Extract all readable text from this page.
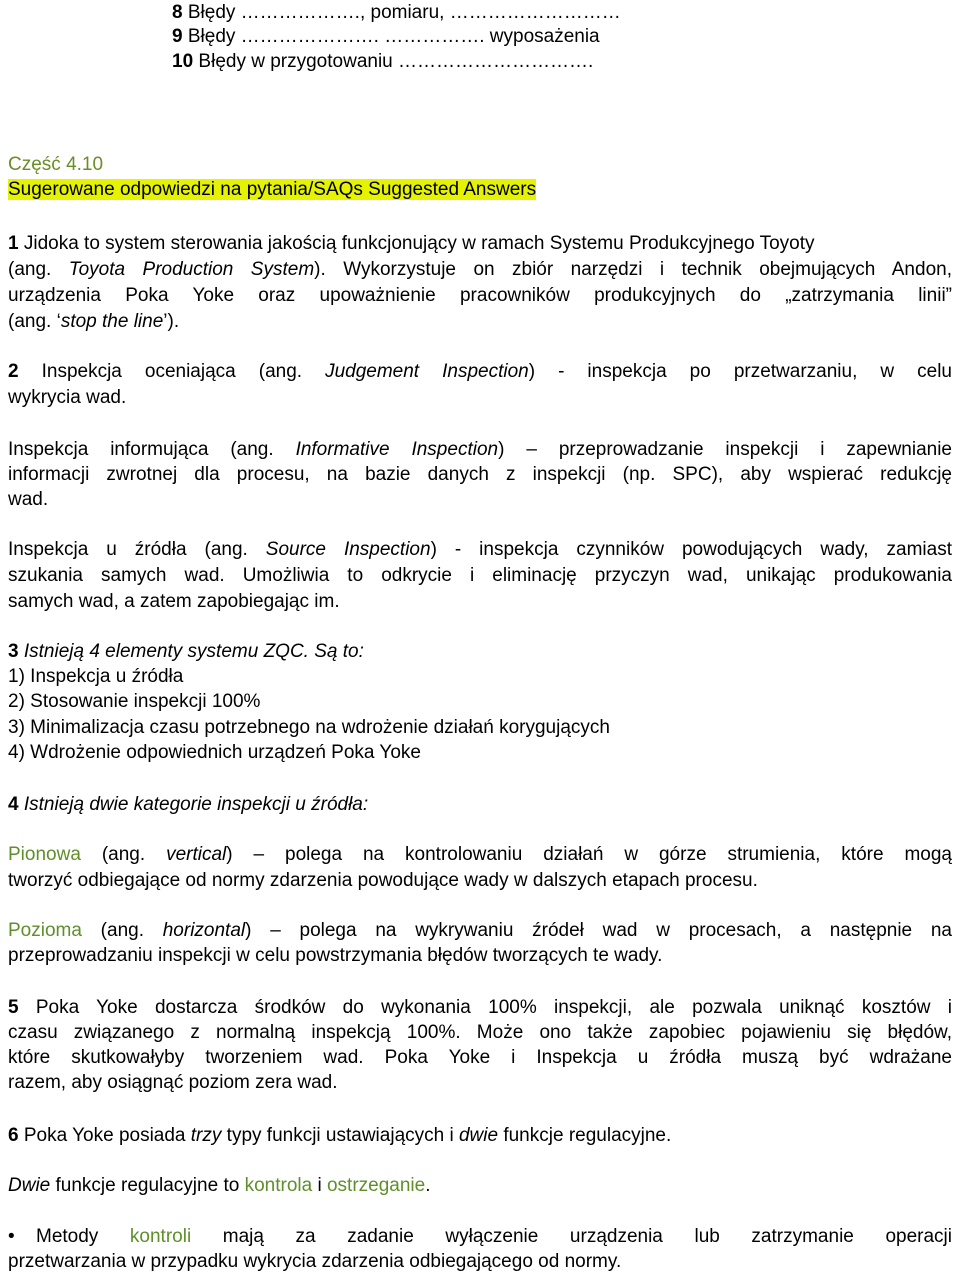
8 Błędy ………………., pomiaru, ………………………
9 Błędy …………………. ……………. wyposażenia
10 Błędy w przygotowaniu ………………………….
Część 4.10
Sugerowane odpowiedzi na pytania/SAQs Suggested Answers
1 Jidoka to system sterowania jakością funkcjonujący w ramach Systemu Produkcyjnego Toyoty
(ang. Toyota Production System). Wykorzystuje on zbiór narzędzi i technik obejmujących Andon,
urządzenia Poka Yoke oraz upoważnienie pracowników produkcyjnych do „zatrzymania linii”
(ang. ‘stop the line’).
2 Inspekcja oceniająca (ang. Judgement Inspection) - inspekcja po przetwarzaniu, w celu
wykrycia wad.
Inspekcja informująca (ang. Informative Inspection) – przeprowadzanie inspekcji i zapewnianie
informacji zwrotnej dla procesu, na bazie danych z inspekcji (np. SPC), aby wspierać redukcję
wad.
Inspekcja u źródła (ang. Source Inspection) - inspekcja czynników powodujących wady, zamiast
szukania samych wad. Umożliwia to odkrycie i eliminację przyczyn wad, unikając produkowania
samych wad, a zatem zapobiegając im.
3 Istnieją 4 elementy systemu ZQC. Są to:
1) Inspekcja u źródła
2) Stosowanie inspekcji 100%
3) Minimalizacja czasu potrzebnego na wdrożenie działań korygujących
4) Wdrożenie odpowiednich urządzeń Poka Yoke
4 Istnieją dwie kategorie inspekcji u źródła:
Pionowa (ang. vertical) – polega na kontrolowaniu działań w górze strumienia, które mogą
tworzyć odbiegające od normy zdarzenia powodujące wady w dalszych etapach procesu.
Pozioma (ang. horizontal) – polega na wykrywaniu źródeł wad w procesach, a następnie na
przeprowadzaniu inspekcji w celu powstrzymania błędów tworzących te wady.
5 Poka Yoke dostarcza środków do wykonania 100% inspekcji, ale pozwala uniknąć kosztów i
czasu związanego z normalną inspekcją 100%. Może ono także zapobiec pojawieniu się błędów,
które skutkowałyby tworzeniem wad. Poka Yoke i Inspekcja u źródła muszą być wdrażane
razem, aby osiągnąć poziom zera wad.
6 Poka Yoke posiada trzy typy funkcji ustawiających i dwie funkcje regulacyjne.
Dwie funkcje regulacyjne to kontrola i ostrzeganie.
•	Metody kontroli mają za zadanie wyłączenie urządzenia lub zatrzymanie operacji
przetwarzania w przypadku wykrycia zdarzenia odbiegającego od normy.
